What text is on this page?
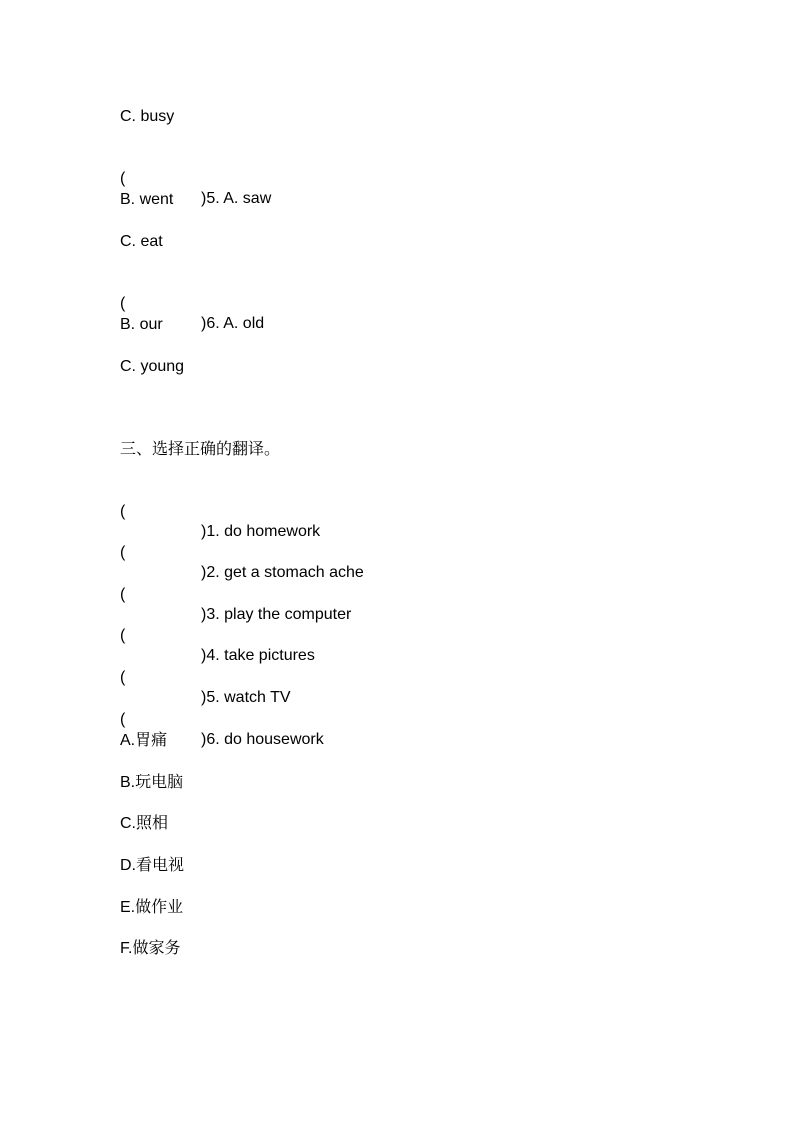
C. busy

(

)5. A. saw

B. went
C. eat

(

)6. A. old

B. our
C. young
三、选择正确的翻译。

(

)1. do homework

(

)2. get a stomach ache

(

)3. play the computer

(

)4. take pictures

(

)5. watch TV

(

)6. do housework

A.胃痛
B.玩电脑
C.照相
D.看电视
E.做作业
F.做家务
